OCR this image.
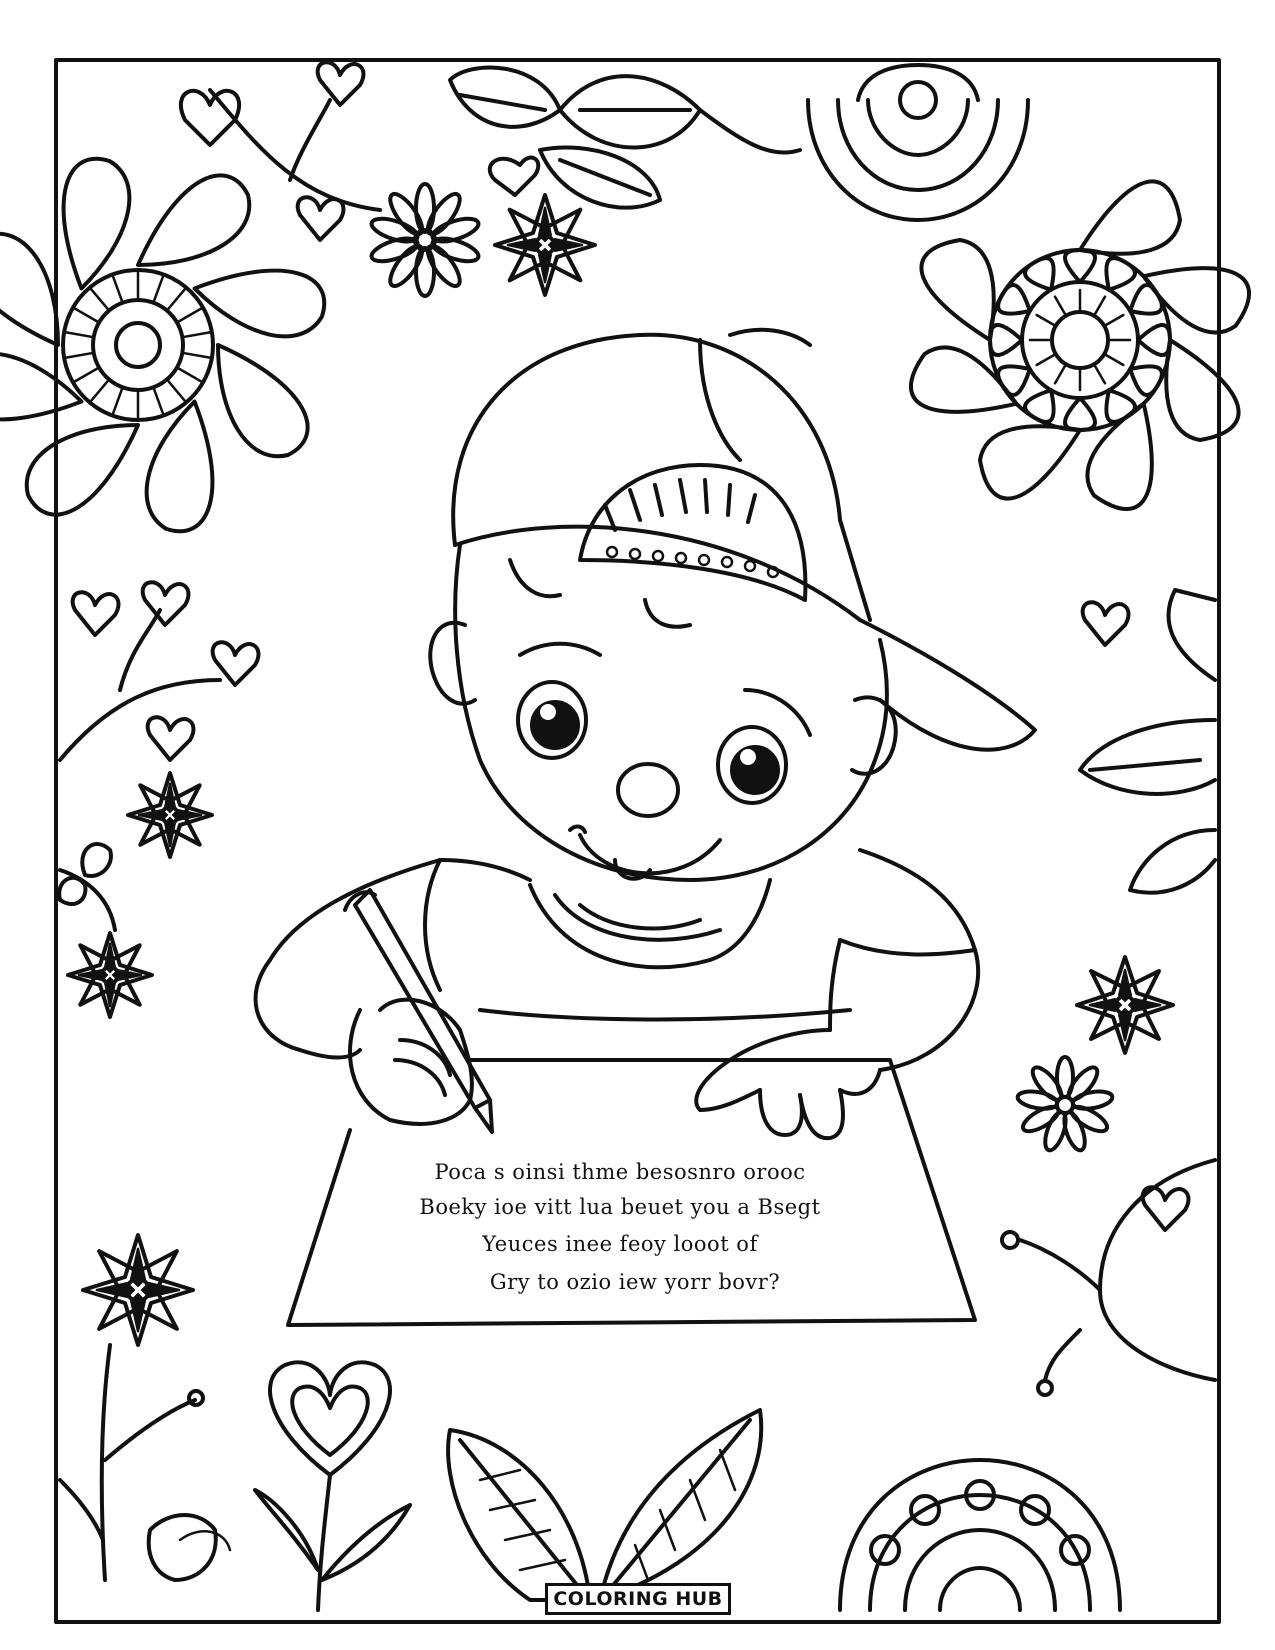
Poca s oinsi thme besosnro orooc
Boeky ioe vitt lua beuet you a Bsegt
Yeuces inee feoy looot of
Gry to ozio iew yorr bovr?
COLORING HUB
